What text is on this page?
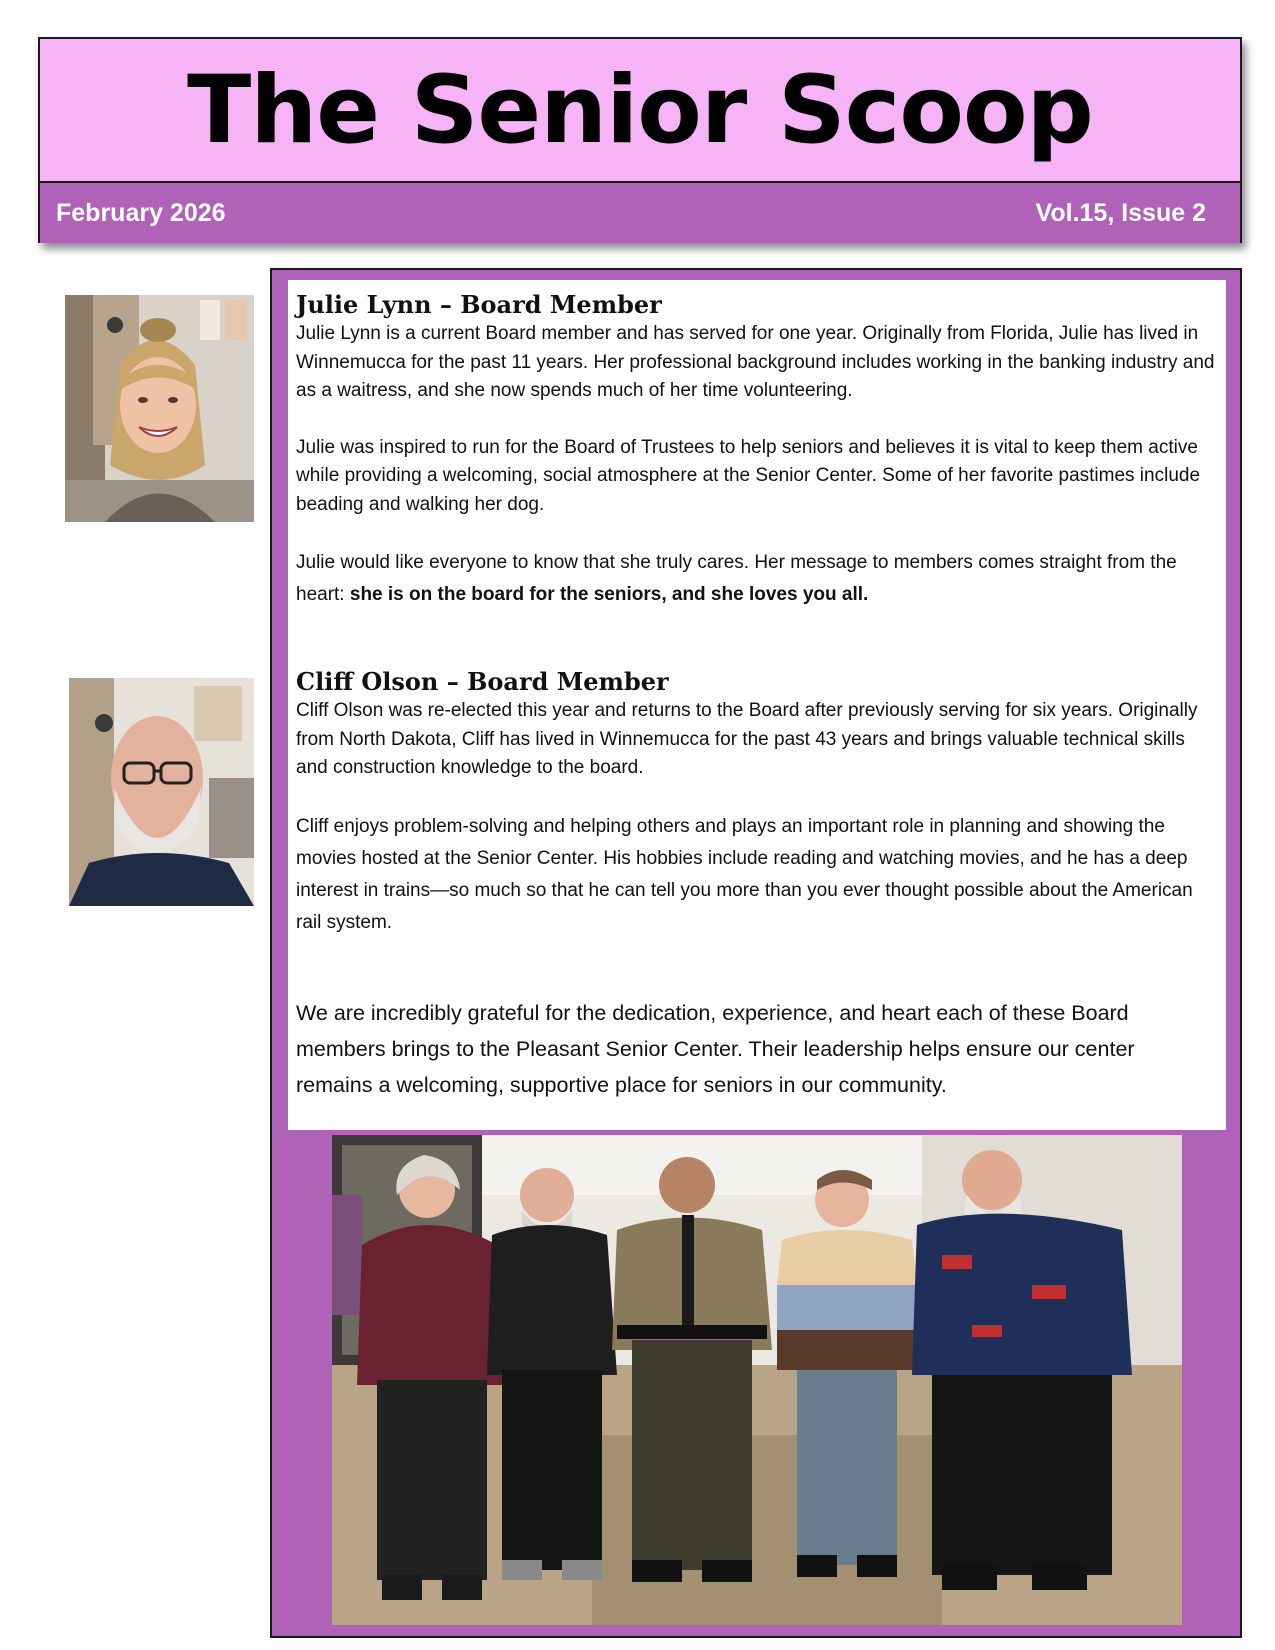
The Senior Scoop
February 2026	Vol.15, Issue 2
Julie Lynn – Board Member

Julie Lynn is a current Board member and has served for one year. Originally from Florida, Julie has lived in Winnemucca for the past 11 years. Her professional background includes working in the banking industry and as a waitress, and she now spends much of her time volunteering.

Julie was inspired to run for the Board of Trustees to help seniors and believes it is vital to keep them active while providing a welcoming, social atmosphere at the Senior Center. Some of her favorite pastimes include beading and walking her dog.

Julie would like everyone to know that she truly cares. Her message to members comes straight from the heart: she is on the board for the seniors, and she loves you all.

Cliff Olson – Board Member

Cliff Olson was re-elected this year and returns to the Board after previously serving for six years. Originally from North Dakota, Cliff has lived in Winnemucca for the past 43 years and brings valuable technical skills and construction knowledge to the board.

Cliff enjoys problem-solving and helping others and plays an important role in planning and showing the movies hosted at the Senior Center. His hobbies include reading and watching movies, and he has a deep interest in trains—so much so that he can tell you more than you ever thought possible about the American rail system.

We are incredibly grateful for the dedication, experience, and heart each of these Board members brings to the Pleasant Senior Center. Their leadership helps ensure our center remains a welcoming, supportive place for seniors in our community.
